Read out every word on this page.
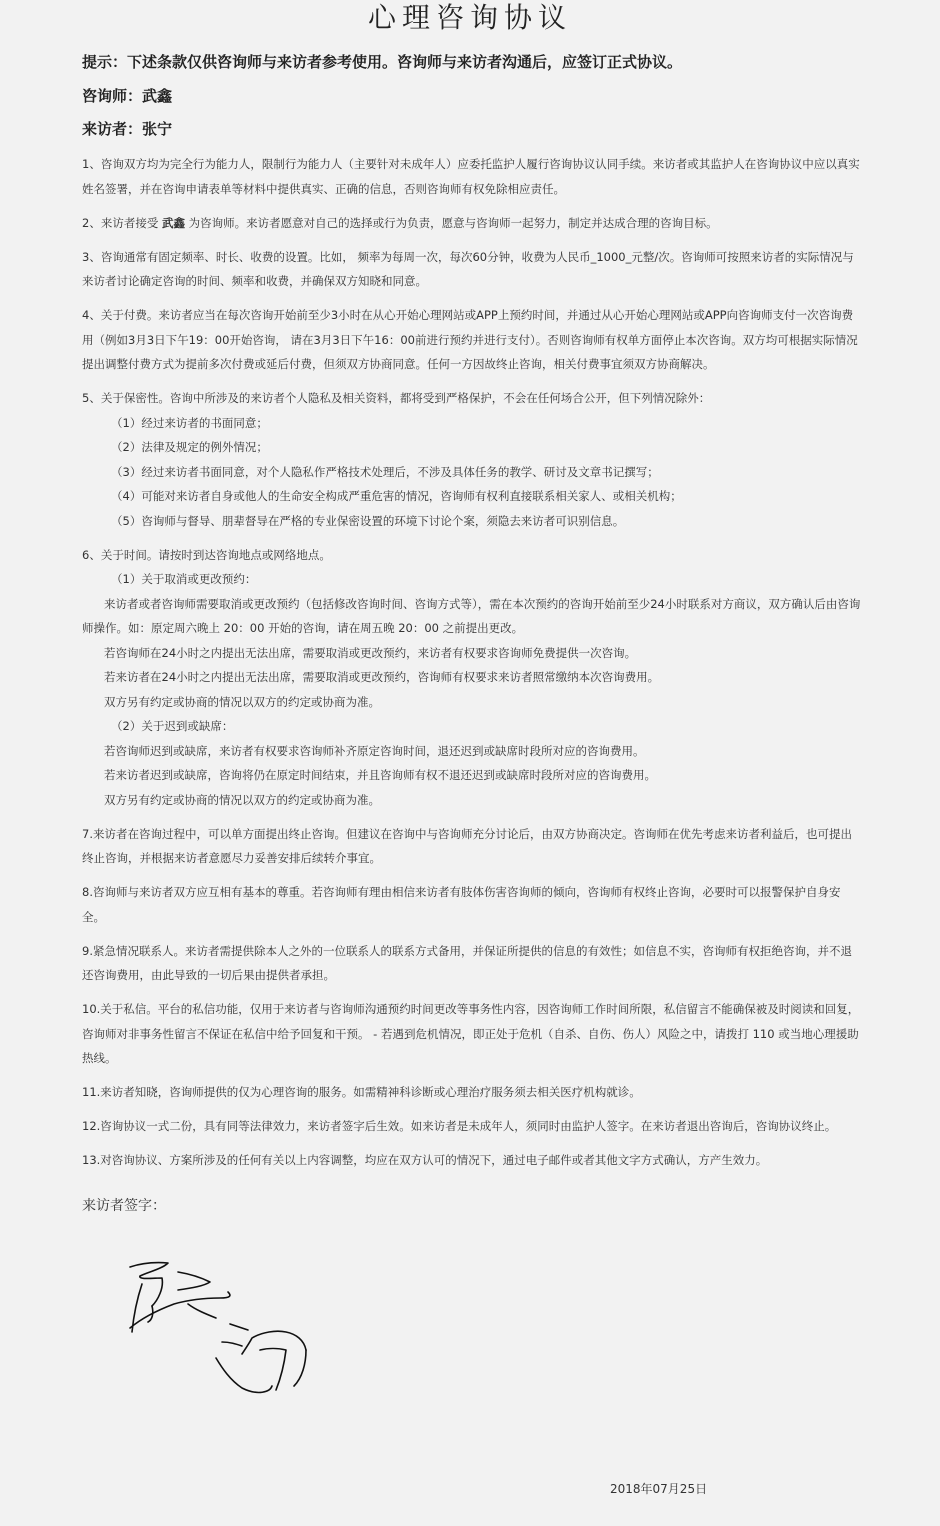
心理咨询协议
提示：下述条款仅供咨询师与来访者参考使用。咨询师与来访者沟通后，应签订正式协议。
咨询师：武鑫
来访者：张宁
1、咨询双方均为完全行为能力人，限制行为能力人（主要针对未成年人）应委托监护人履行咨询协议认同手续。来访者或其监护人在咨询协议中应以真实姓名签署，并在咨询申请表单等材料中提供真实、正确的信息，否则咨询师有权免除相应责任。
2、来访者接受 武鑫 为咨询师。来访者愿意对自己的选择或行为负责，愿意与咨询师一起努力，制定并达成合理的咨询目标。
3、咨询通常有固定频率、时长、收费的设置。比如， 频率为每周一次，每次60分钟，收费为人民币_1000_元整/次。咨询师可按照来访者的实际情况与来访者讨论确定咨询的时间、频率和收费，并确保双方知晓和同意。
4、关于付费。来访者应当在每次咨询开始前至少3小时在从心开始心理网站或APP上预约时间，并通过从心开始心理网站或APP向咨询师支付一次咨询费用（例如3月3日下午19：00开始咨询， 请在3月3日下午16：00前进行预约并进行支付）。否则咨询师有权单方面停止本次咨询。双方均可根据实际情况提出调整付费方式为提前多次付费或延后付费，但须双方协商同意。任何一方因故终止咨询，相关付费事宜须双方协商解决。

5、关于保密性。咨询中所涉及的来访者个人隐私及相关资料，都将受到严格保护，不会在任何场合公开，但下列情况除外：

（1）经过来访者的书面同意；

（2）法律及规定的例外情况；

（3）经过来访者书面同意，对个人隐私作严格技术处理后，不涉及具体任务的教学、研讨及文章书记撰写；

（4）可能对来访者自身或他人的生命安全构成严重危害的情况，咨询师有权利直接联系相关家人、或相关机构；

（5）咨询师与督导、朋辈督导在严格的专业保密设置的环境下讨论个案，须隐去来访者可识别信息。

6、关于时间。请按时到达咨询地点或网络地点。

（1）关于取消或更改预约：

来访者或者咨询师需要取消或更改预约（包括修改咨询时间、咨询方式等），需在本次预约的咨询开始前至少24小时联系对方商议，双方确认后由咨询师操作。如：原定周六晚上 20：00 开始的咨询，请在周五晚 20：00 之前提出更改。

若咨询师在24小时之内提出无法出席，需要取消或更改预约，来访者有权要求咨询师免费提供一次咨询。

若来访者在24小时之内提出无法出席，需要取消或更改预约，咨询师有权要求来访者照常缴纳本次咨询费用。

双方另有约定或协商的情况以双方的约定或协商为准。

（2）关于迟到或缺席：

若咨询师迟到或缺席，来访者有权要求咨询师补齐原定咨询时间，退还迟到或缺席时段所对应的咨询费用。

若来访者迟到或缺席，咨询将仍在原定时间结束，并且咨询师有权不退还迟到或缺席时段所对应的咨询费用。

双方另有约定或协商的情况以双方的约定或协商为准。

7.来访者在咨询过程中，可以单方面提出终止咨询。但建议在咨询中与咨询师充分讨论后，由双方协商决定。咨询师在优先考虑来访者利益后，也可提出终止咨询，并根据来访者意愿尽力妥善安排后续转介事宜。
8.咨询师与来访者双方应互相有基本的尊重。若咨询师有理由相信来访者有肢体伤害咨询师的倾向，咨询师有权终止咨询，必要时可以报警保护自身安全。
9.紧急情况联系人。来访者需提供除本人之外的一位联系人的联系方式备用，并保证所提供的信息的有效性；如信息不实，咨询师有权拒绝咨询，并不退还咨询费用，由此导致的一切后果由提供者承担。
10.关于私信。平台的私信功能，仅用于来访者与咨询师沟通预约时间更改等事务性内容，因咨询师工作时间所限，私信留言不能确保被及时阅读和回复，咨询师对非事务性留言不保证在私信中给予回复和干预。 - 若遇到危机情况，即正处于危机（自杀、自伤、伤人）风险之中，请拨打 110 或当地心理援助热线。
11.来访者知晓，咨询师提供的仅为心理咨询的服务。如需精神科诊断或心理治疗服务须去相关医疗机构就诊。
12.咨询协议一式二份，具有同等法律效力，来访者签字后生效。如来访者是未成年人，须同时由监护人签字。在来访者退出咨询后，咨询协议终止。
13.对咨询协议、方案所涉及的任何有关以上内容调整，均应在双方认可的情况下，通过电子邮件或者其他文字方式确认，方产生效力。
来访者签字：
2018年07月25日
